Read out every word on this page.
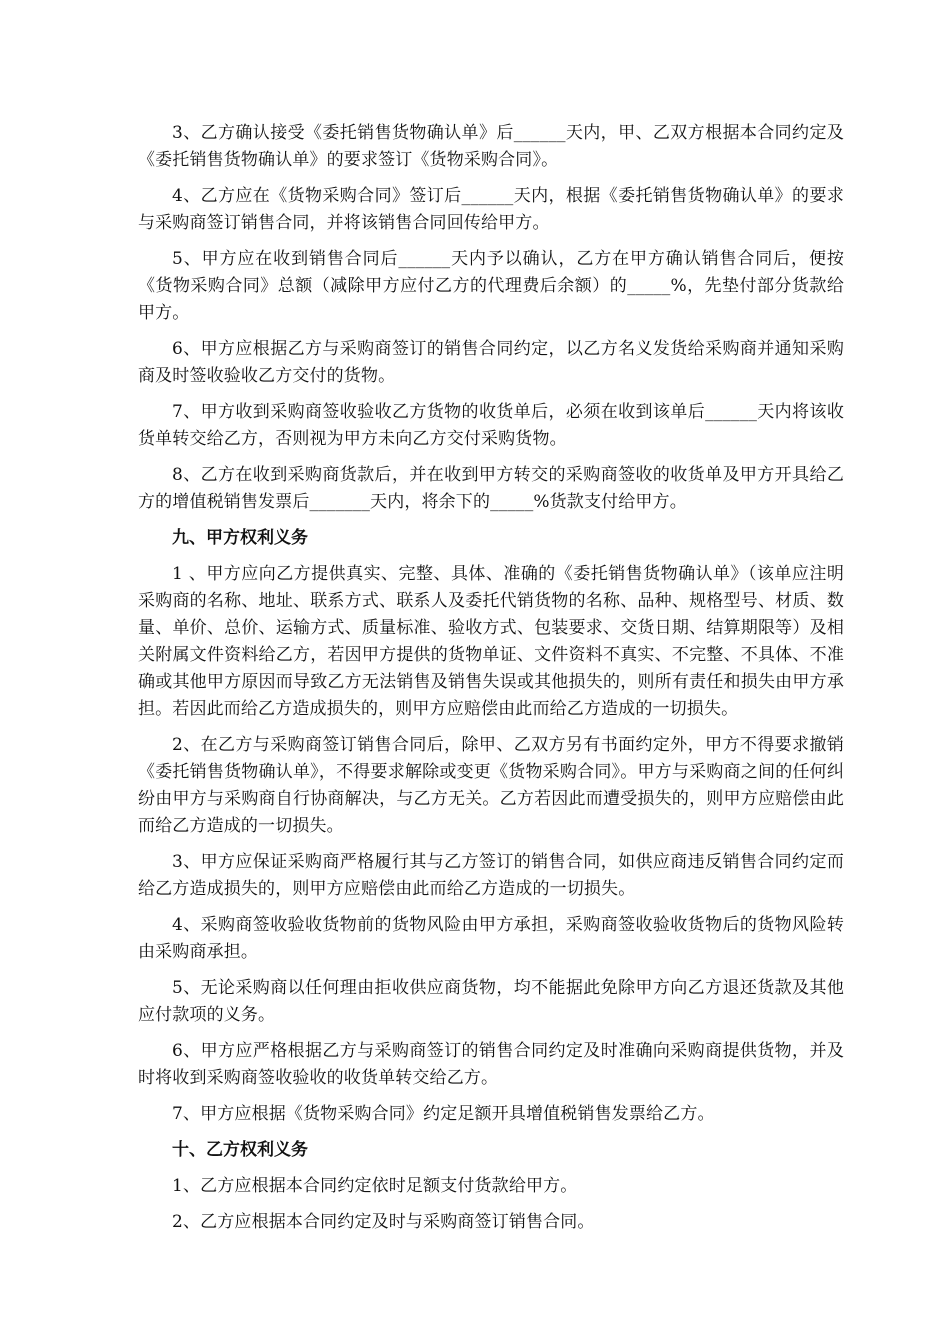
3、乙方确认接受《委托销售货物确认单》后______天内，甲、乙双方根据本合同约定及《委托销售货物确认单》的要求签订《货物采购合同》。

4、乙方应在《货物采购合同》签订后______天内，根据《委托销售货物确认单》的要求与采购商签订销售合同，并将该销售合同回传给甲方。

5、甲方应在收到销售合同后______天内予以确认，乙方在甲方确认销售合同后，便按《货物采购合同》总额（减除甲方应付乙方的代理费后余额）的_____%，先垫付部分货款给甲方。

6、甲方应根据乙方与采购商签订的销售合同约定，以乙方名义发货给采购商并通知采购商及时签收验收乙方交付的货物。

7、甲方收到采购商签收验收乙方货物的收货单后，必须在收到该单后______天内将该收货单转交给乙方，否则视为甲方未向乙方交付采购货物。

8、乙方在收到采购商货款后，并在收到甲方转交的采购商签收的收货单及甲方开具给乙方的增值税销售发票后_______天内，将余下的_____%货款支付给甲方。

九、甲方权利义务

1 、甲方应向乙方提供真实、完整、具体、准确的《委托销售货物确认单》（该单应注明采购商的名称、地址、联系方式、联系人及委托代销货物的名称、品种、规格型号、材质、数量、单价、总价、运输方式、质量标准、验收方式、包装要求、交货日期、结算期限等）及相关附属文件资料给乙方，若因甲方提供的货物单证、文件资料不真实、不完整、不具体、不准确或其他甲方原因而导致乙方无法销售及销售失误或其他损失的，则所有责任和损失由甲方承担。若因此而给乙方造成损失的，则甲方应赔偿由此而给乙方造成的一切损失。

2、在乙方与采购商签订销售合同后，除甲、乙双方另有书面约定外，甲方不得要求撤销《委托销售货物确认单》，不得要求解除或变更《货物采购合同》。甲方与采购商之间的任何纠纷由甲方与采购商自行协商解决，与乙方无关。乙方若因此而遭受损失的，则甲方应赔偿由此而给乙方造成的一切损失。

3、甲方应保证采购商严格履行其与乙方签订的销售合同，如供应商违反销售合同约定而给乙方造成损失的，则甲方应赔偿由此而给乙方造成的一切损失。

4、采购商签收验收货物前的货物风险由甲方承担，采购商签收验收货物后的货物风险转由采购商承担。

5、无论采购商以任何理由拒收供应商货物，均不能据此免除甲方向乙方退还货款及其他应付款项的义务。

6、甲方应严格根据乙方与采购商签订的销售合同约定及时准确向采购商提供货物，并及时将收到采购商签收验收的收货单转交给乙方。

7、甲方应根据《货物采购合同》约定足额开具增值税销售发票给乙方。

十、乙方权利义务

1、乙方应根据本合同约定依时足额支付货款给甲方。

2、乙方应根据本合同约定及时与采购商签订销售合同。
